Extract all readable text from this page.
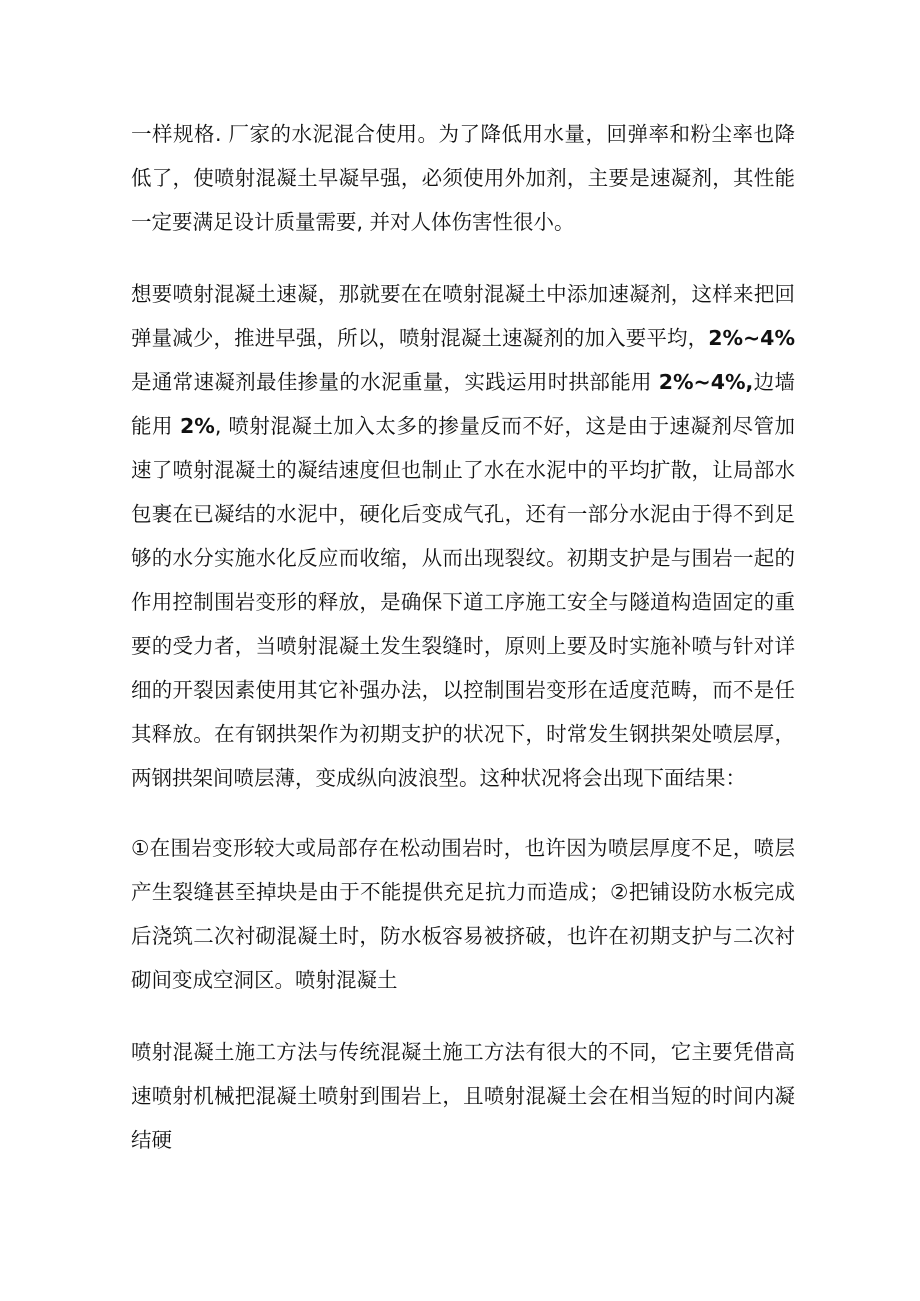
一样规格. 厂家的水泥混合使用。为了降低用水量，回弹率和粉尘率也降低了，使喷射混凝土早凝早强，必须使用外加剂，主要是速凝剂，其性能一定要满足设计质量需要, 并对人体伤害性很小。

想要喷射混凝土速凝，那就要在在喷射混凝土中添加速凝剂，这样来把回弹量减少，推进早强，所以，喷射混凝土速凝剂的加入要平均，2%~4%是通常速凝剂最佳掺量的水泥重量，实践运用时拱部能用 2%~4%,边墙能用 2%, 喷射混凝土加入太多的掺量反而不好，这是由于速凝剂尽管加速了喷射混凝土的凝结速度但也制止了水在水泥中的平均扩散，让局部水包裹在已凝结的水泥中，硬化后变成气孔，还有一部分水泥由于得不到足够的水分实施水化反应而收缩，从而出现裂纹。初期支护是与围岩一起的作用控制围岩变形的释放，是确保下道工序施工安全与隧道构造固定的重要的受力者，当喷射混凝土发生裂缝时，原则上要及时实施补喷与针对详细的开裂因素使用其它补强办法，以控制围岩变形在适度范畴，而不是任其释放。在有钢拱架作为初期支护的状况下，时常发生钢拱架处喷层厚，两钢拱架间喷层薄，变成纵向波浪型。这种状况将会出现下面结果：

①在围岩变形较大或局部存在松动围岩时，也许因为喷层厚度不足，喷层产生裂缝甚至掉块是由于不能提供充足抗力而造成；②把铺设防水板完成后浇筑二次衬砌混凝土时，防水板容易被挤破，也许在初期支护与二次衬砌间变成空洞区。喷射混凝土

喷射混凝土施工方法与传统混凝土施工方法有很大的不同，它主要凭借高速喷射机械把混凝土喷射到围岩上，且喷射混凝土会在相当短的时间内凝结硬
